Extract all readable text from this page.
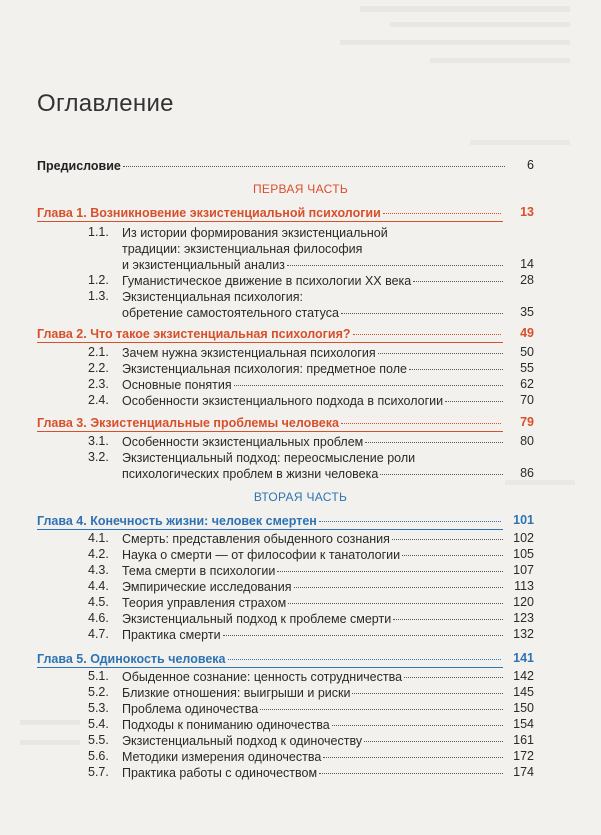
Оглавление
Предисловие	6
ПЕРВАЯ ЧАСТЬ
Глава 1. Возникновение экзистенциальной психологии	13
1.1. Из истории формирования экзистенциальной
традиции: экзистенциальная философия
и экзистенциальный анализ	14
1.2. Гуманистическое движение в психологии XX века	28
1.3. Экзистенциальная психология:
обретение самостоятельного статуса	35
Глава 2. Что такое экзистенциальная психология?	49
2.1. Зачем нужна экзистенциальная психология	50
2.2. Экзистенциальная психология: предметное поле	55
2.3. Основные понятия	62
2.4. Особенности экзистенциального подхода в психологии	70
Глава 3. Экзистенциальные проблемы человека	79
3.1. Особенности экзистенциальных проблем	80
3.2. Экзистенциальный подход: переосмысление роли
психологических проблем в жизни человека	86
ВТОРАЯ ЧАСТЬ
Глава 4. Конечность жизни: человек смертен	101
4.1. Смерть: представления обыденного сознания	102
4.2. Наука о смерти — от философии к танатологии	105
4.3. Тема смерти в психологии	107
4.4. Эмпирические исследования	113
4.5. Теория управления страхом	120
4.6. Экзистенциальный подход к проблеме смерти	123
4.7. Практика смерти	132
Глава 5. Одинокость человека	141
5.1. Обыденное сознание: ценность сотрудничества	142
5.2. Близкие отношения: выигрыши и риски	145
5.3. Проблема одиночества	150
5.4. Подходы к пониманию одиночества	154
5.5. Экзистенциальный подход к одиночеству	161
5.6. Методики измерения одиночества	172
5.7. Практика работы с одиночеством	174
